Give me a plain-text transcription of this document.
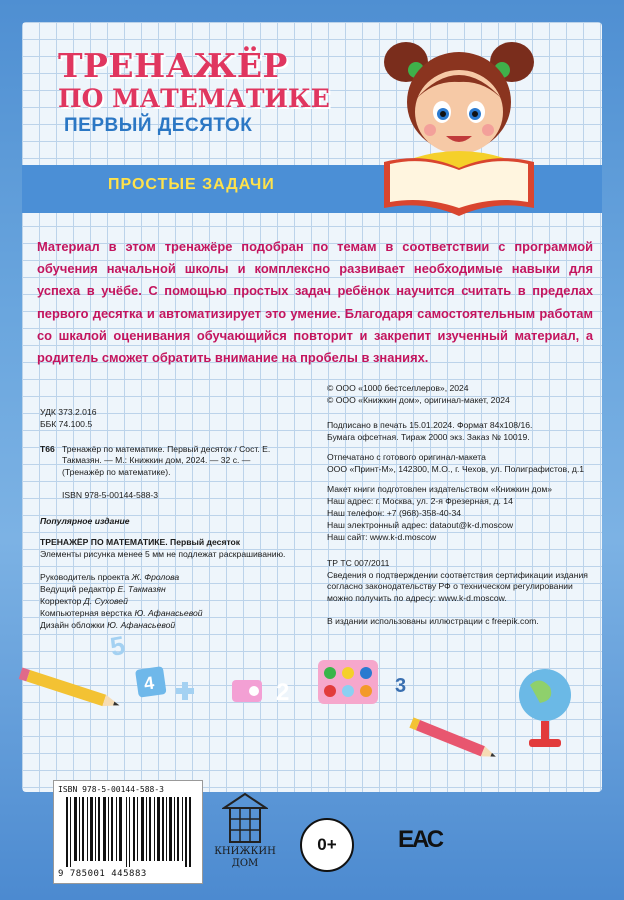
ТРЕНАЖЁР
ПО МАТЕМАТИКЕ
ПЕРВЫЙ ДЕСЯТОК
ПРОСТЫЕ ЗАДАЧИ
Материал в этом тренажёре подобран по темам в соответствии с программой обучения начальной школы и комплексно развивает необходимые навыки для успеха в учёбе. С помощью простых задач ребёнок научится считать в пределах первого десятка и автоматизирует это умение. Благодаря самостоятельным работам со шкалой оценивания обучающийся повторит и закрепит изученный материал, а родитель сможет обратить внимание на пробелы в знаниях.
УДК 373.2.016
ББК 74.100.5
Т66 Тренажёр по математике. Первый десяток / Сост. Е. Такмазян. — М.: Книжкин дом, 2024. — 32 с. — (Тренажёр по математике).
ISBN 978-5-00144-588-3
Популярное издание
ТРЕНАЖЁР ПО МАТЕМАТИКЕ. Первый десяток
Элементы рисунка менее 5 мм не подлежат раскрашиванию.
Руководитель проекта Ж. Фролова
Ведущий редактор Е. Такмазян
Корректор Д. Суховей
Компьютерная верстка Ю. Афанасьевой
Дизайн обложки Ю. Афанасьевой
© ООО «1000 бестселлеров», 2024
© ООО «Книжкин дом», оригинал-макет, 2024
Подписано в печать 15.01.2024. Формат 84x108/16.
Бумага офсетная. Тираж 2000 экз. Заказ № 10019.
Отпечатано с готового оригинал-макета
ООО «Принт-М», 142300, М.О., г. Чехов, ул. Полиграфистов, д.1
Макет книги подготовлен издательством «Книжкин дом»
Наш адрес: г. Москва, ул. 2-я Фрезерная, д. 14
Наш телефон: +7 (968)-358-40-34
Наш электронный адрес: dataout@k-d.moscow
Наш сайт: www.k-d.moscow
ТР ТС 007/2011
Сведения о подтверждении соответствия сертификации издания согласно законодательству РФ о техническом регулировании можно получить по адресу: www.k-d.moscow.
В издании использованы иллюстрации с freepik.com.
5
4	2	3
ISBN 978-5-00144-588-3
9 785001 445883
КНИЖКИН
ДОМ
0+	ЕАС
